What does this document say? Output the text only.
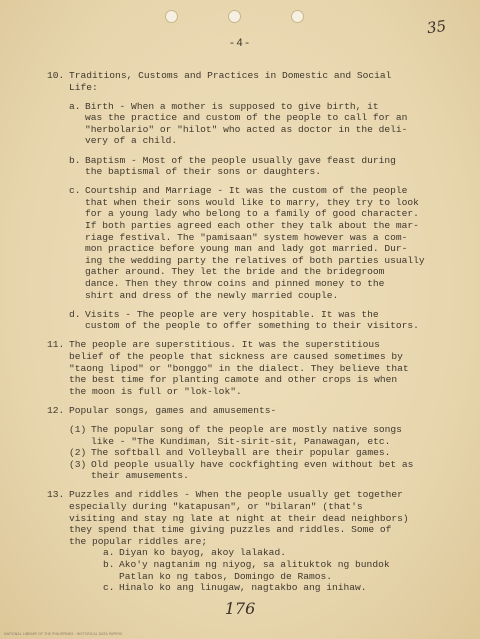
-4-
35
10. Traditions, Customs and Practices in Domestic and Social
Life:
a. Birth - When a mother is supposed to give birth, it
was the practice and custom of the people to call for an
"herbolario" or "hilot" who acted as doctor in the deli-
very of a child.
b. Baptism - Most of the people usually gave feast during
the baptismal of their sons or daughters.
c. Courtship and Marriage - It was the custom of the people
that when their sons would like to marry, they try to look
for a young lady who belong to a family of good character.
If both parties agreed each other they talk about the mar-
riage festival. The "pamisaan" system however was a com-
mon practice before young man and lady got married. Dur-
ing the wedding party the relatives of both parties usually
gather around. They let the bride and the bridegroom
dance. Then they throw coins and pinned money to the
shirt and dress of the newly married couple.
d. Visits - The people are very hospitable. It was the
custom of the people to offer something to their visitors.
11. The people are superstitious. It was the superstitious
belief of the people that sickness are caused sometimes by
"taong lipod" or "bonggo" in the dialect. They believe that
the best time for planting camote and other crops is when
the moon is full or "lok-lok".
12. Popular songs, games and amusements-
(1) The popular song of the people are mostly native songs
like - "The Kundiman, Sit-sirit-sit, Panawagan, etc.
(2) The softball and Volleyball are their popular games.
(3) Old people usually have cockfighting even without bet as
their amusements.
13. Puzzles and riddles - When the people usually get together
especially during "katapusan", or "bilaran" (that's
visiting and stay ng late at night at their dead neighbors)
they spend that time giving puzzles and riddles. Some of
the popular riddles are;
a. Diyan ko bayog, akoy lalakad.
b. Ako'y nagtanim ng niyog, sa alituktok ng bundok
Patlan ko ng tabos, Domingo de Ramos.
c. Hinalo ko ang linugaw, nagtakbo ang inihaw.
176
NATIONAL LIBRARY OF THE PHILIPPINES · HISTORICAL DATA PAPERS
